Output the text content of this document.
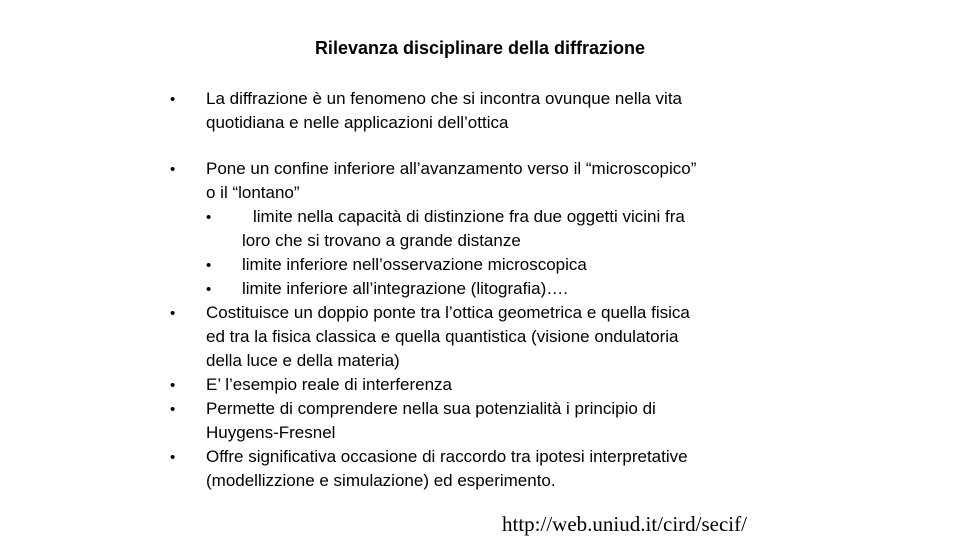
Rilevanza disciplinare della diffrazione
• La diffrazione è un fenomeno che si incontra ovunque nella vita
quotidiana e nelle applicazioni dell’ottica
• Pone un confine inferiore all’avanzamento verso il “microscopico”
o il “lontano”
• limite nella capacità di distinzione fra due oggetti vicini fra
loro che si trovano a grande distanze
• limite inferiore nell’osservazione microscopica
• limite inferiore all’integrazione (litografia)….
• Costituisce un doppio ponte tra l’ottica geometrica e quella fisica
ed tra la fisica classica e quella quantistica (visione ondulatoria
della luce e della materia)
• E’ l’esempio reale di interferenza
• Permette di comprendere nella sua potenzialità i principio di
Huygens-Fresnel
• Offre significativa occasione di raccordo tra ipotesi interpretative
(modellizzione e simulazione) ed esperimento.
http://web.uniud.it/cird/secif/
